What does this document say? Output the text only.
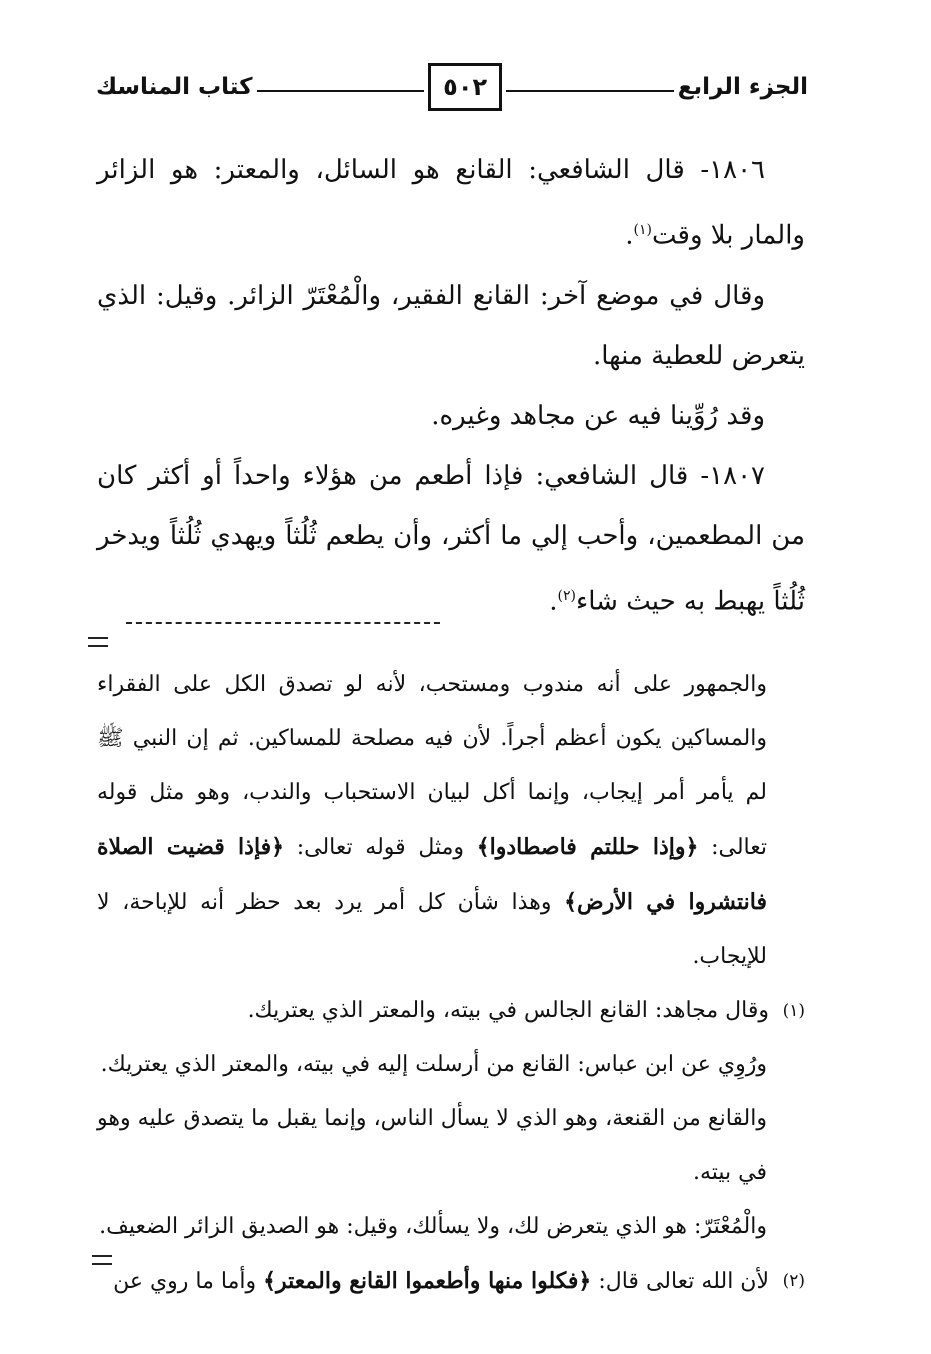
الجزء الرابع
٥٠٢
كتاب المناسك

١٨٠٦- قال الشافعي: القانع هو السائل، والمعتر: هو الزائر والمار بلا وقت$^{(١)}$.

وقال في موضع آخر: القانع الفقير، والْمُعْتَرّ الزائر. وقيل: الذي يتعرض للعطية منها.

وقد رُوِّينا فيه عن مجاهد وغيره.

١٨٠٧- قال الشافعي: فإذا أطعم من هؤلاء واحداً أو أكثر كان من المطعمين، وأحب إلي ما أكثر، وأن يطعم ثُلُثاً ويهدي ثُلُثاً ويدخر ثُلُثاً يهبط به حيث شاء$^{(٢)}$.

والجمهور على أنه مندوب ومستحب، لأنه لو تصدق الكل على الفقراء والمساكين يكون أعظم أجراً. لأن فيه مصلحة للمساكين. ثم إن النبي ﷺ لم يأمر أمر إيجاب، وإنما أكل لبيان الاستحباب والندب، وهو مثل قوله تعالى: ﴿وإذا حللتم فاصطادوا﴾ ومثل قوله تعالى: ﴿فإذا قضيت الصلاة فانتشروا في الأرض﴾ وهذا شأن كل أمر يرد بعد حظر أنه للإباحة، لا للإيجاب.

(١)
وقال مجاهد: القانع الجالس في بيته، والمعتر الذي يعتريك.

ورُوِي عن ابن عباس: القانع من أرسلت إليه في بيته، والمعتر الذي يعتريك.

والقانع من القنعة، وهو الذي لا يسأل الناس، وإنما يقبل ما يتصدق عليه وهو في بيته.

والْمُعْتَرّ: هو الذي يتعرض لك، ولا يسألك، وقيل: هو الصديق الزائر الضعيف.

(٢)
لأن الله تعالى قال: ﴿فكلوا منها وأطعموا القانع والمعتر﴾ وأما ما روي عن
